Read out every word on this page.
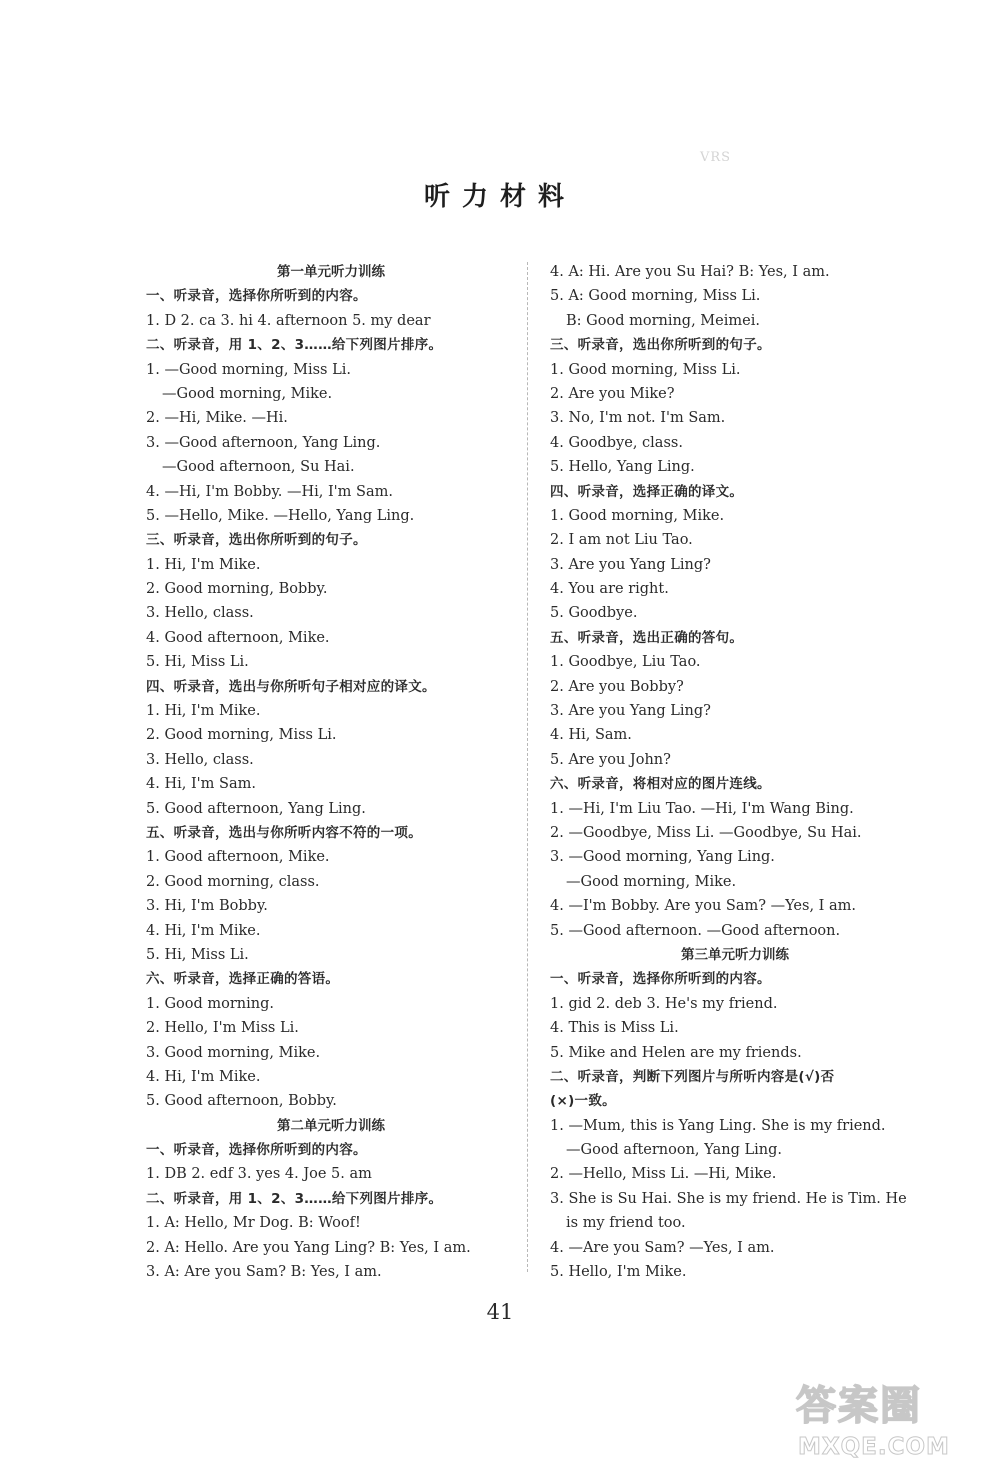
听力材料
VRS
第一单元听力训练
一、听录音，选择你所听到的内容。
1. D 2. ca 3. hi 4. afternoon 5. my dear
二、听录音，用 1、2、3……给下列图片排序。
1. —Good morning, Miss Li.
—Good morning, Mike.
2. —Hi, Mike. —Hi.
3. —Good afternoon, Yang Ling.
—Good afternoon, Su Hai.
4. —Hi, I'm Bobby. —Hi, I'm Sam.
5. —Hello, Mike. —Hello, Yang Ling.
三、听录音，选出你所听到的句子。
1. Hi, I'm Mike.
2. Good morning, Bobby.
3. Hello, class.
4. Good afternoon, Mike.
5. Hi, Miss Li.
四、听录音，选出与你所听句子相对应的译文。
1. Hi, I'm Mike.
2. Good morning, Miss Li.
3. Hello, class.
4. Hi, I'm Sam.
5. Good afternoon, Yang Ling.
五、听录音，选出与你所听内容不符的一项。
1. Good afternoon, Mike.
2. Good morning, class.
3. Hi, I'm Bobby.
4. Hi, I'm Mike.
5. Hi, Miss Li.
六、听录音，选择正确的答语。
1. Good morning.
2. Hello, I'm Miss Li.
3. Good morning, Mike.
4. Hi, I'm Mike.
5. Good afternoon, Bobby.
第二单元听力训练
一、听录音，选择你所听到的内容。
1. DB 2. edf 3. yes 4. Joe 5. am
二、听录音，用 1、2、3……给下列图片排序。
1. A: Hello, Mr Dog. B: Woof!
2. A: Hello. Are you Yang Ling? B: Yes, I am.
3. A: Are you Sam? B: Yes, I am.
4. A: Hi. Are you Su Hai? B: Yes, I am.
5. A: Good morning, Miss Li.
B: Good morning, Meimei.
三、听录音，选出你所听到的句子。
1. Good morning, Miss Li.
2. Are you Mike?
3. No, I'm not. I'm Sam.
4. Goodbye, class.
5. Hello, Yang Ling.
四、听录音，选择正确的译文。
1. Good morning, Mike.
2. I am not Liu Tao.
3. Are you Yang Ling?
4. You are right.
5. Goodbye.
五、听录音，选出正确的答句。
1. Goodbye, Liu Tao.
2. Are you Bobby?
3. Are you Yang Ling?
4. Hi, Sam.
5. Are you John?
六、听录音，将相对应的图片连线。
1. —Hi, I'm Liu Tao. —Hi, I'm Wang Bing.
2. —Goodbye, Miss Li. —Goodbye, Su Hai.
3. —Good morning, Yang Ling.
—Good morning, Mike.
4. —I'm Bobby. Are you Sam? —Yes, I am.
5. —Good afternoon. —Good afternoon.
第三单元听力训练
一、听录音，选择你所听到的内容。
1. gid 2. deb 3. He's my friend.
4. This is Miss Li.
5. Mike and Helen are my friends.
二、听录音，判断下列图片与所听内容是(√)否
(×)一致。
1. —Mum, this is Yang Ling. She is my friend.
—Good afternoon, Yang Ling.
2. —Hello, Miss Li. —Hi, Mike.
3. She is Su Hai. She is my friend. He is Tim. He
is my friend too.
4. —Are you Sam? —Yes, I am.
5. Hello, I'm Mike.
41
答案圈
MXQE.COM
